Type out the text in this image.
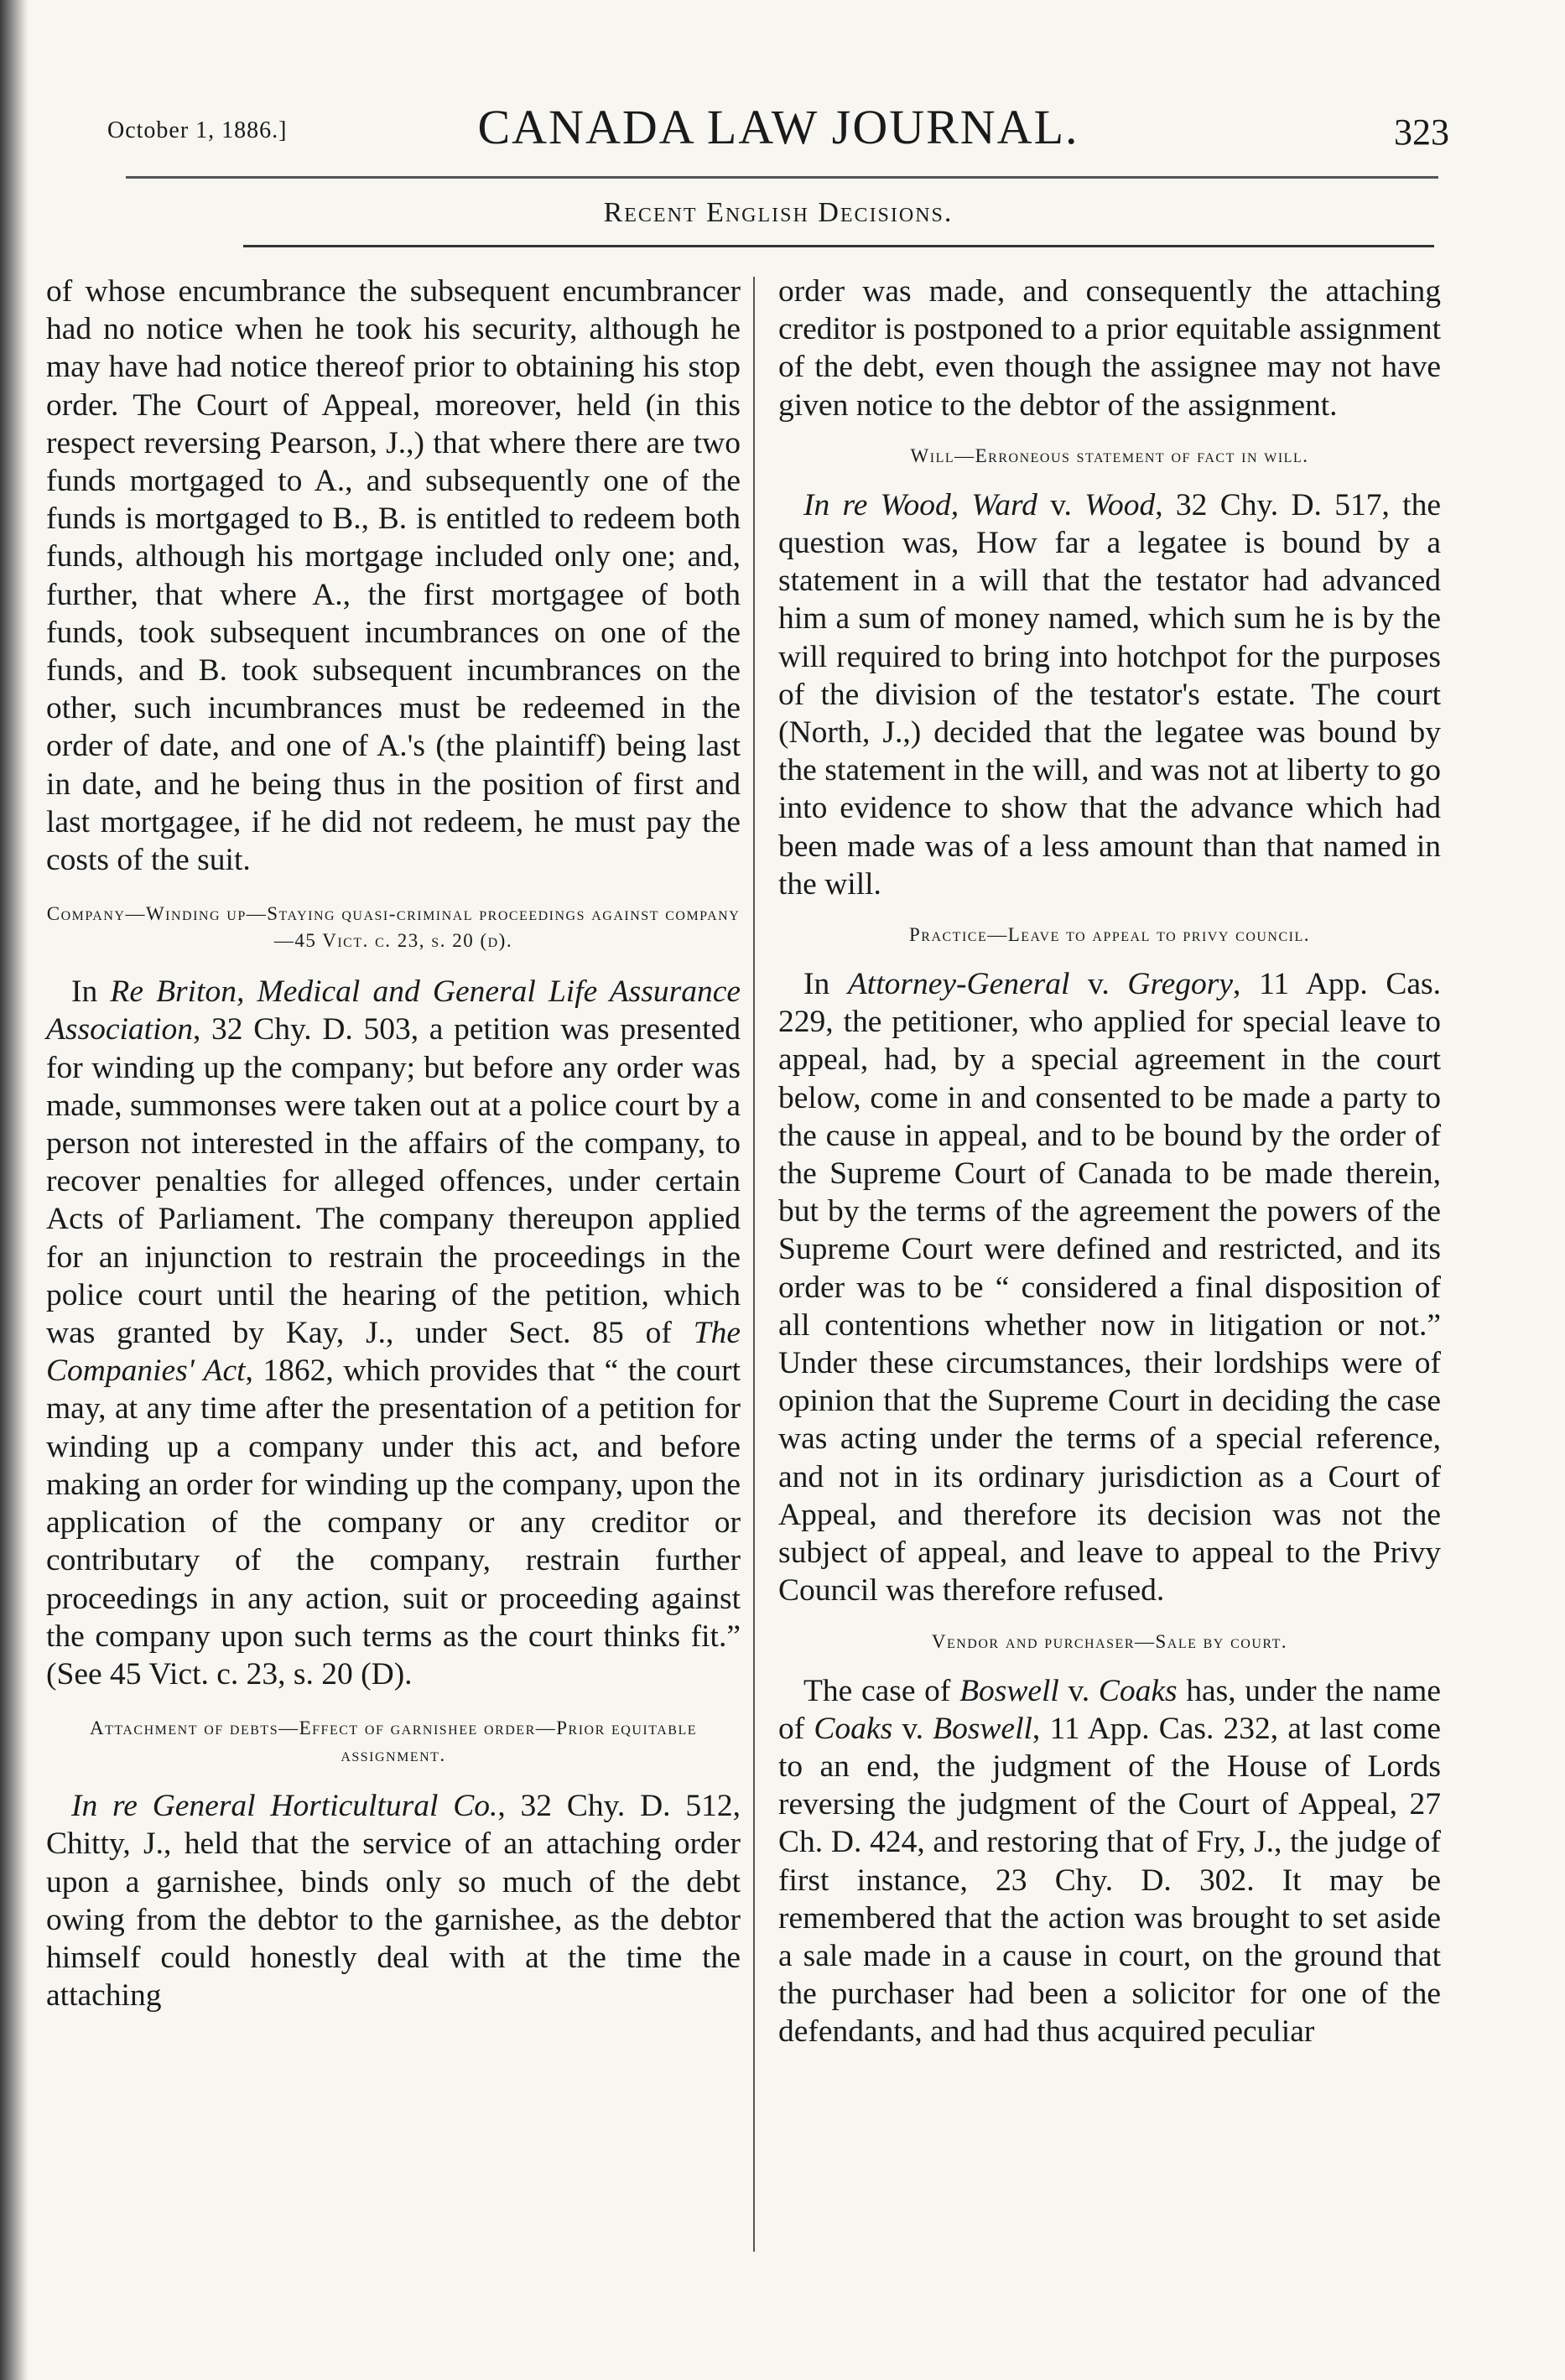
October 1, 1886.]	CANADA LAW JOURNAL.	323
Recent English Decisions.

of whose encumbrance the subsequent encumbrancer had no notice when he took his security, although he may have had notice thereof prior to obtaining his stop order. The Court of Appeal, moreover, held (in this respect reversing Pearson, J.,) that where there are two funds mortgaged to A., and subsequently one of the funds is mortgaged to B., B. is entitled to redeem both funds, although his mortgage included only one; and, further, that where A., the first mortgagee of both funds, took subsequent incumbrances on one of the funds, and B. took subsequent incumbrances on the other, such incumbrances must be redeemed in the order of date, and one of A.'s (the plaintiff) being last in date, and he being thus in the position of first and last mortgagee, if he did not redeem, he must pay the costs of the suit.

Company—Winding up—Staying quasi-criminal proceedings against company—45 Vict. c. 23, s. 20 (d).

In Re Briton, Medical and General Life Assurance Association, 32 Chy. D. 503, a petition was presented for winding up the company; but before any order was made, summonses were taken out at a police court by a person not interested in the affairs of the company, to recover penalties for alleged offences, under certain Acts of Parliament. The company thereupon applied for an injunction to restrain the proceedings in the police court until the hearing of the petition, which was granted by Kay, J., under Sect. 85 of The Companies' Act, 1862, which provides that “ the court may, at any time after the presentation of a petition for winding up a company under this act, and before making an order for winding up the company, upon the application of the company or any creditor or contributary of the company, restrain further proceedings in any action, suit or proceeding against the company upon such terms as the court thinks fit.” (See 45 Vict. c. 23, s. 20 (D).

Attachment of debts—Effect of garnishee order—Prior equitable assignment.

In re General Horticultural Co., 32 Chy. D. 512, Chitty, J., held that the service of an attaching order upon a garnishee, binds only so much of the debt owing from the debtor to the garnishee, as the debtor himself could honestly deal with at the time the attaching

order was made, and consequently the attaching creditor is postponed to a prior equitable assignment of the debt, even though the assignee may not have given notice to the debtor of the assignment.

Will—Erroneous statement of fact in will.

In re Wood, Ward v. Wood, 32 Chy. D. 517, the question was, How far a legatee is bound by a statement in a will that the testator had advanced him a sum of money named, which sum he is by the will required to bring into hotchpot for the purposes of the division of the testator's estate. The court (North, J.,) decided that the legatee was bound by the statement in the will, and was not at liberty to go into evidence to show that the advance which had been made was of a less amount than that named in the will.

Practice—Leave to appeal to privy council.

In Attorney-General v. Gregory, 11 App. Cas. 229, the petitioner, who applied for special leave to appeal, had, by a special agreement in the court below, come in and consented to be made a party to the cause in appeal, and to be bound by the order of the Supreme Court of Canada to be made therein, but by the terms of the agreement the powers of the Supreme Court were defined and restricted, and its order was to be “ considered a final disposition of all contentions whether now in litigation or not.” Under these circumstances, their lordships were of opinion that the Supreme Court in deciding the case was acting under the terms of a special reference, and not in its ordinary jurisdiction as a Court of Appeal, and therefore its decision was not the subject of appeal, and leave to appeal to the Privy Council was therefore refused.

Vendor and purchaser—Sale by court.

The case of Boswell v. Coaks has, under the name of Coaks v. Boswell, 11 App. Cas. 232, at last come to an end, the judgment of the House of Lords reversing the judgment of the Court of Appeal, 27 Ch. D. 424, and restoring that of Fry, J., the judge of first instance, 23 Chy. D. 302. It may be remembered that the action was brought to set aside a sale made in a cause in court, on the ground that the purchaser had been a solicitor for one of the defendants, and had thus acquired peculiar
